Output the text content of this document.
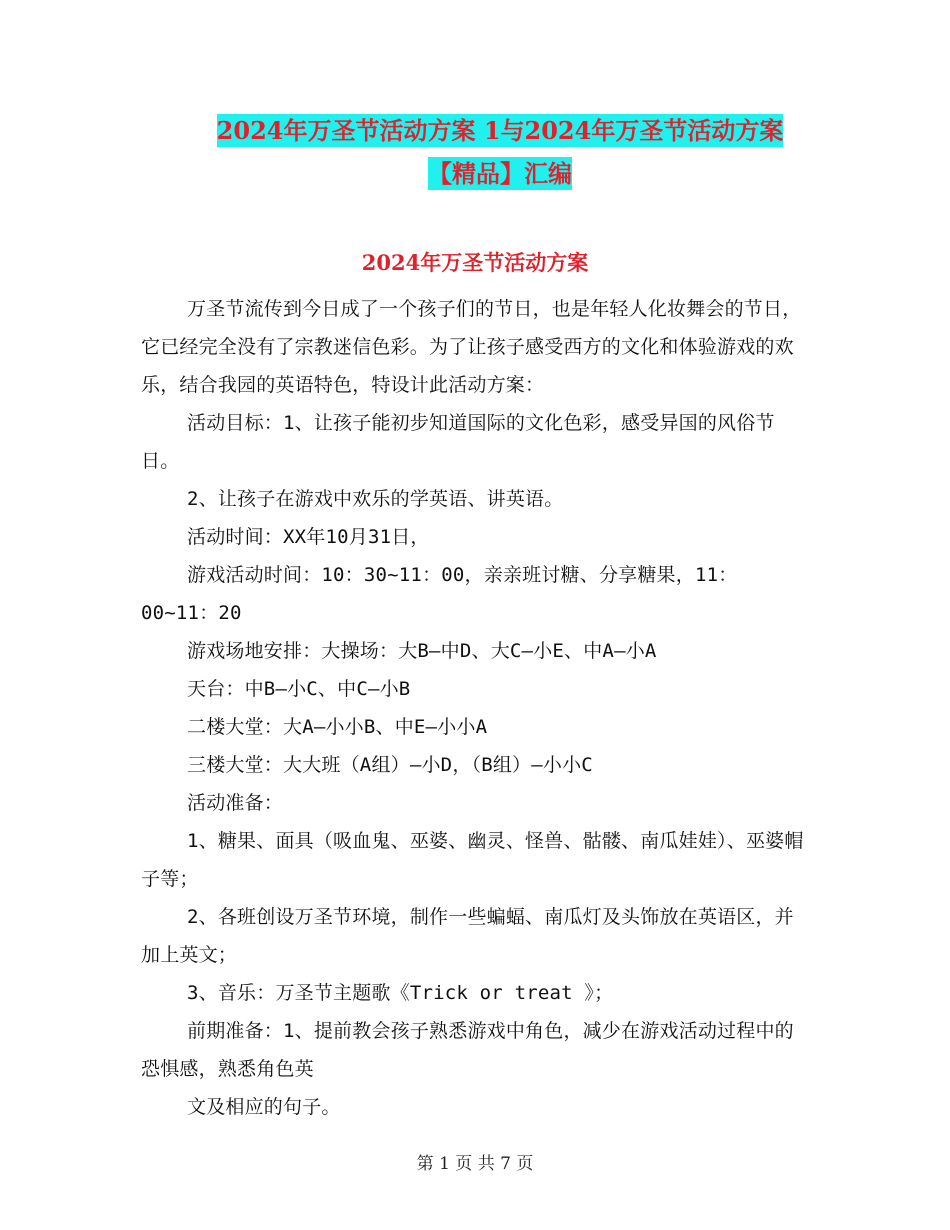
2024年万圣节活动方案 1与2024年万圣节活动方案
【精品】汇编
2024年万圣节活动方案

万圣节流传到今日成了一个孩子们的节日，也是年轻人化妆舞会的节日，它已经完全没有了宗教迷信色彩。为了让孩子感受西方的文化和体验游戏的欢乐，结合我园的英语特色，特设计此活动方案：

活动目标：1、让孩子能初步知道国际的文化色彩，感受异国的风俗节日。

2、让孩子在游戏中欢乐的学英语、讲英语。

活动时间：XX年10月31日，

游戏活动时间：10：30~11：00，亲亲班讨糖、分享糖果，11：00~11：20

游戏场地安排：大操场：大B—中D、大C—小E、中A—小A

天台：中B—小C、中C—小B

二楼大堂：大A—小小B、中E—小小A

三楼大堂：大大班（A组）—小D，（B组）—小小C

活动准备：

1、糖果、面具（吸血鬼、巫婆、幽灵、怪兽、骷髅、南瓜娃娃）、巫婆帽子等；

2、各班创设万圣节环境，制作一些蝙蝠、南瓜灯及头饰放在英语区，并加上英文；

3、音乐：万圣节主题歌《Trick or treat 》；

前期准备：1、提前教会孩子熟悉游戏中角色，减少在游戏活动过程中的恐惧感，熟悉角色英

文及相应的句子。

第 1 页 共 7 页
